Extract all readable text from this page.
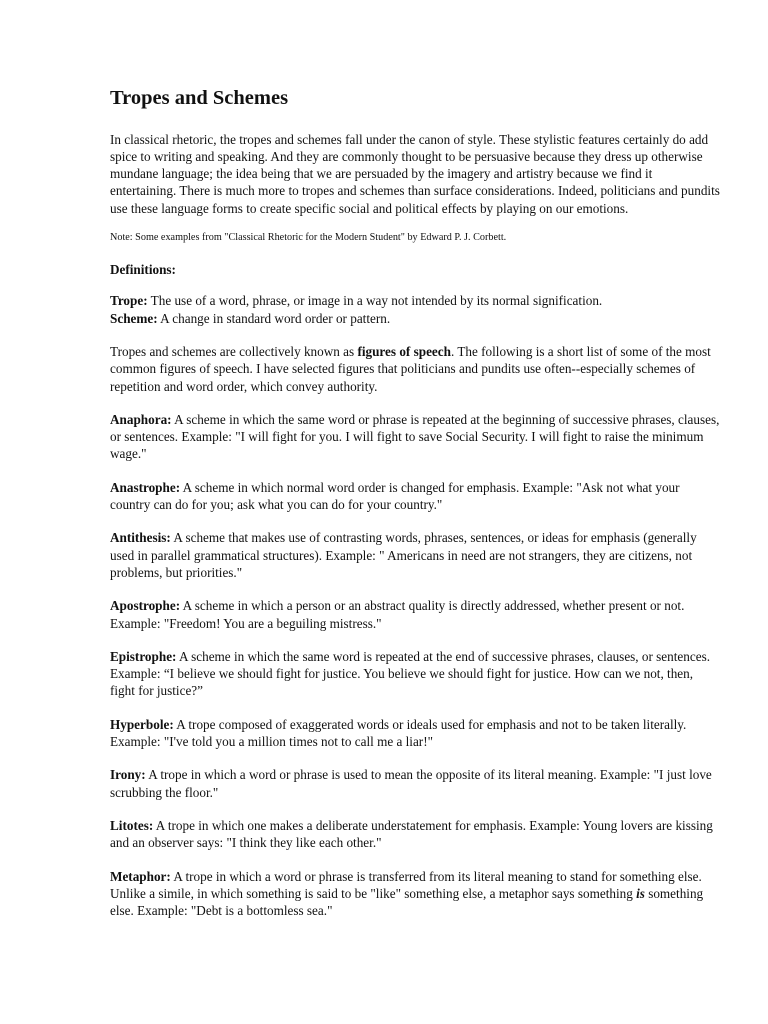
Tropes and Schemes

In classical rhetoric, the tropes and schemes fall under the canon of style. These stylistic features certainly do add spice to writing and speaking. And they are commonly thought to be persuasive because they dress up otherwise mundane language; the idea being that we are persuaded by the imagery and artistry because we find it entertaining. There is much more to tropes and schemes than surface considerations. Indeed, politicians and pundits use these language forms to create specific social and political effects by playing on our emotions.

Note: Some examples from "Classical Rhetoric for the Modern Student" by Edward P. J. Corbett.

Definitions:

Trope: The use of a word, phrase, or image in a way not intended by its normal signification.

Scheme: A change in standard word order or pattern.

Tropes and schemes are collectively known as figures of speech. The following is a short list of some of the most common figures of speech. I have selected figures that politicians and pundits use often--especially schemes of repetition and word order, which convey authority.

Anaphora: A scheme in which the same word or phrase is repeated at the beginning of successive phrases, clauses, or sentences. Example: "I will fight for you. I will fight to save Social Security. I will fight to raise the minimum wage."

Anastrophe: A scheme in which normal word order is changed for emphasis. Example: "Ask not what your country can do for you; ask what you can do for your country."

Antithesis: A scheme that makes use of contrasting words, phrases, sentences, or ideas for emphasis (generally used in parallel grammatical structures). Example: " Americans in need are not strangers, they are citizens, not problems, but priorities."

Apostrophe: A scheme in which a person or an abstract quality is directly addressed, whether present or not. Example: "Freedom! You are a beguiling mistress."

Epistrophe: A scheme in which the same word is repeated at the end of successive phrases, clauses, or sentences. Example: “I believe we should fight for justice. You believe we should fight for justice. How can we not, then, fight for justice?”

Hyperbole: A trope composed of exaggerated words or ideals used for emphasis and not to be taken literally. Example: "I've told you a million times not to call me a liar!"

Irony: A trope in which a word or phrase is used to mean the opposite of its literal meaning. Example: "I just love scrubbing the floor."

Litotes: A trope in which one makes a deliberate understatement for emphasis. Example: Young lovers are kissing and an observer says: "I think they like each other."

Metaphor: A trope in which a word or phrase is transferred from its literal meaning to stand for something else. Unlike a simile, in which something is said to be "like" something else, a metaphor says something is something else. Example: "Debt is a bottomless sea."
